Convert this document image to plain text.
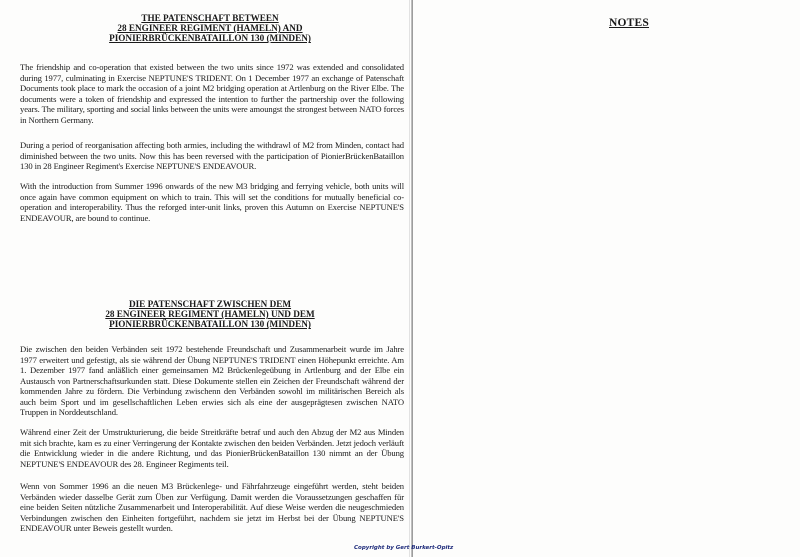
THE PATENSCHAFT BETWEEN
28 ENGINEER REGIMENT (HAMELN) AND
PIONIERBRÜCKENBATAILLON 130 (MINDEN)

The friendship and co-operation that existed between the two units since 1972 was extended and consolidated during 1977, culminating in Exercise NEPTUNE'S TRIDENT. On 1 December 1977 an exchange of Patenschaft Documents took place to mark the occasion of a joint M2 bridging operation at Artlenburg on the River Elbe. The documents were a token of friendship and expressed the intention to further the partnership over the following years. The military, sporting and social links between the units were amoungst the strongest between NATO forces in Northern Germany.

During a period of reorganisation affecting both armies, including the withdrawl of M2 from Minden, contact had diminished between the two units. Now this has been reversed with the participation of PionierBrückenBataillon 130 in 28 Engineer Regiment's Exercise NEPTUNE'S ENDEAVOUR.

With the introduction from Summer 1996 onwards of the new M3 bridging and ferrying vehicle, both units will once again have common equipment on which to train. This will set the conditions for mutually beneficial co-operation and interoperability. Thus the reforged inter-unit links, proven this Autumn on Exercise NEPTUNE'S ENDEAVOUR, are bound to continue.

DIE PATENSCHAFT ZWISCHEN DEM
28 ENGINEER REGIMENT (HAMELN) UND DEM
PIONIERBRÜCKENBATAILLON 130 (MINDEN)

Die zwischen den beiden Verbänden seit 1972 bestehende Freundschaft und Zusammenarbeit wurde im Jahre 1977 erweitert und gefestigt, als sie während der Übung NEPTUNE'S TRIDENT einen Höhepunkt erreichte. Am 1. Dezember 1977 fand anläßlich einer gemeinsamen M2 Brückenlegeübung in Artlenburg and der Elbe ein Austausch von Partnerschaftsurkunden statt. Diese Dokumente stellen ein Zeichen der Freundschaft während der kommenden Jahre zu fördern. Die Verbindung zwischenn den Verbänden sowohl im militärischen Bereich als auch beim Sport und im gesellschaftlichen Leben erwies sich als eine der ausgeprägtesen zwischen NATO Truppen in Norddeutschland.

Während einer Zeit der Umstrukturierung, die beide Streitkräfte betraf und auch den Abzug der M2 aus Minden mit sich brachte, kam es zu einer Verringerung der Kontakte zwischen den beiden Verbänden. Jetzt jedoch verläuft die Entwicklung wieder in die andere Richtung, und das PionierBrückenBataillon 130 nimmt an der Übung NEPTUNE'S ENDEAVOUR des 28. Engineer Regiments teil.

Wenn von Sommer 1996 an die neuen M3 Brückenlege- und Fährfahrzeuge eingeführt werden, steht beiden Verbänden wieder dasselbe Gerät zum Üben zur Verfügung. Damit werden die Voraussetzungen geschaffen für eine beiden Seiten nützliche Zusammenarbeit und Interoperabilität. Auf diese Weise werden die neugeschmieden Verbindungen zwischen den Einheiten fortgeführt, nachdem sie jetzt im Herbst bei der Übung NEPTUNE'S ENDEAVOUR unter Beweis gestellt wurden.

NOTES
Copyright by Gert Burkert-Opitz
